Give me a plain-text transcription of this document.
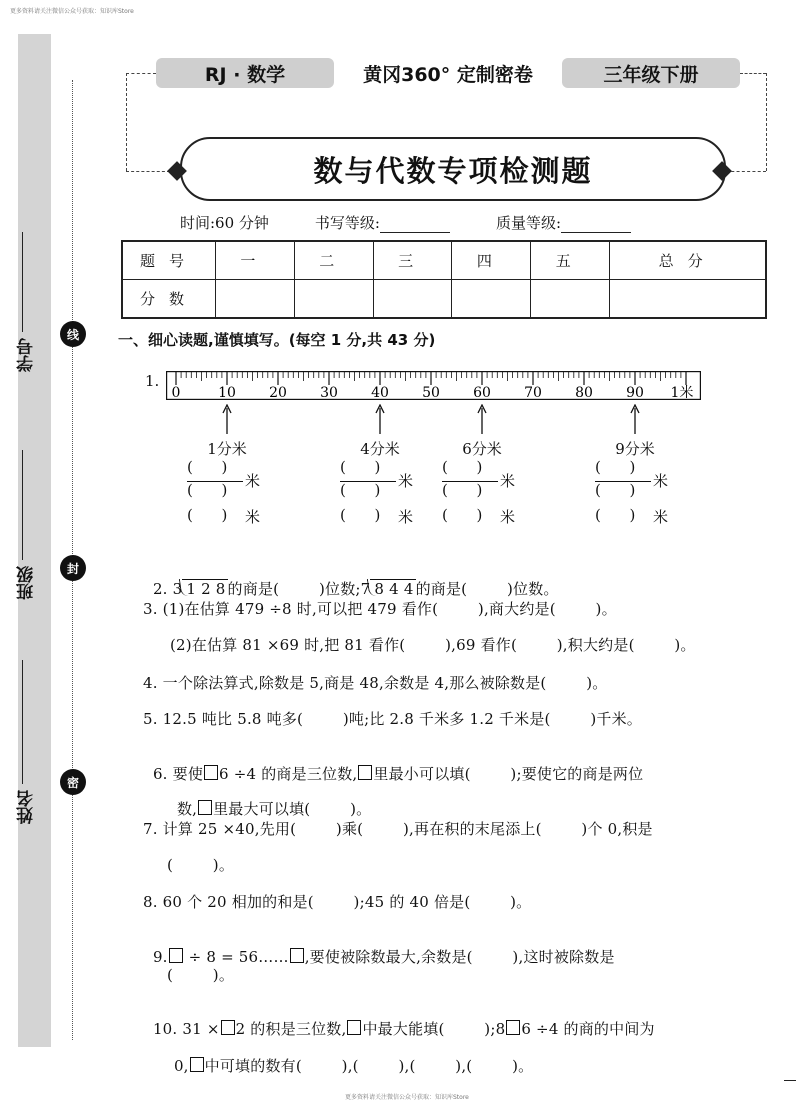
更多资料请关注微信公众号获取：知识库Store
更多资料请关注微信公众号获取：知识库Store
学号
班级
姓名
线
封
密
RJ · 数学	黄冈360° 定制密卷	三年级下册
数与代数专项检测题
时间:60 分钟	书写等级:	质量等级:
题号	一	二	三	四	五	总分
分数						
一、细心读题,谨慎填写。(每空 1 分,共 43 分)
1.
0	10 20 30 40 50 60 70 80 90 1米
1分米
(      )
(      ) 米
(      ) 米
4分米
(      )
(      ) 米
(      ) 米
6分米
(      )
(      ) 米
(      ) 米
9分米
(      )
(      ) 米
(      ) 米

2. 3 1 2 8 的商是(        )位数;7 8 4 4 的商是(        )位数。

3. (1)在估算 479 ÷8 时,可以把 479 看作(        ),商大约是(        )。
(2)在估算 81 ×69 时,把 81 看作(        ),69 看作(        ),积大约是(        )。
4. 一个除法算式,除数是 5,商是 48,余数是 4,那么被除数是(        )。
5. 12.5 吨比 5.8 吨多(        )吨;比 2.8 千米多 1.2 千米是(        )千米。

6. 要使 6 ÷4 的商是三位数, 里最小可以填(        );要使它的商是两位

数, 里最大可以填(        )。

7. 计算 25 ×40,先用(        )乘(        ),再在积的末尾添上(        )个 0,积是
(        )。
8. 60 个 20 相加的和是(        );45 的 40 倍是(        )。

9. ÷ 8 = 56…… ,要使被除数最大,余数是(        ),这时被除数是

(        )。

10. 31 × 2 的积是三位数, 中最大能填(        );8 6 ÷4 的商的中间为

0, 中可填的数有(        ),(        ),(        ),(        )。
